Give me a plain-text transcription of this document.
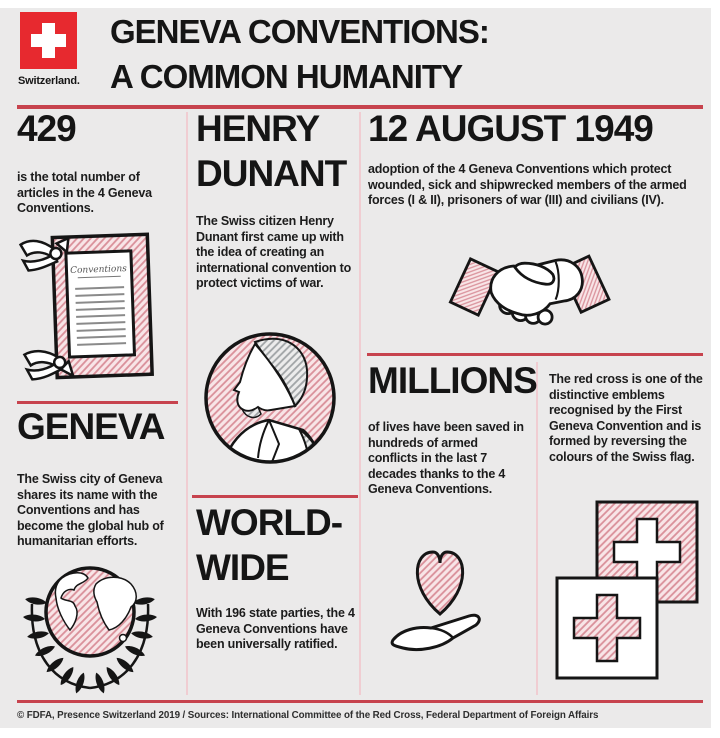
Switzerland.
GENEVA CONVENTIONS:
A COMMON HUMANITY
429
is the total number of articles in the 4 Geneva Conventions.
Conventions
GENEVA
The Swiss city of Geneva shares its name with the Conventions and has become the global hub of humanitarian efforts.
HENRY
DUNANT
The Swiss citizen Henry Dunant first came up with the idea of creating an international convention to protect victims of war.
WORLD-
WIDE
With 196 state parties, the 4 Geneva Conventions have been universally ratified.
12 AUGUST 1949
adoption of the 4 Geneva Conventions which protect wounded, sick and shipwrecked members of the armed forces (I & II), prisoners of war (III) and civilians (IV).
MILLIONS
of lives have been saved in hundreds of armed conflicts in the last 7 decades thanks to the 4 Geneva Conventions.
The red cross is one of the distinctive emblems recognised by the First Geneva Convention and is formed by reversing the colours of the Swiss flag.
© FDFA, Presence Switzerland 2019 / Sources: International Committee of the Red Cross, Federal Department of Foreign Affairs
